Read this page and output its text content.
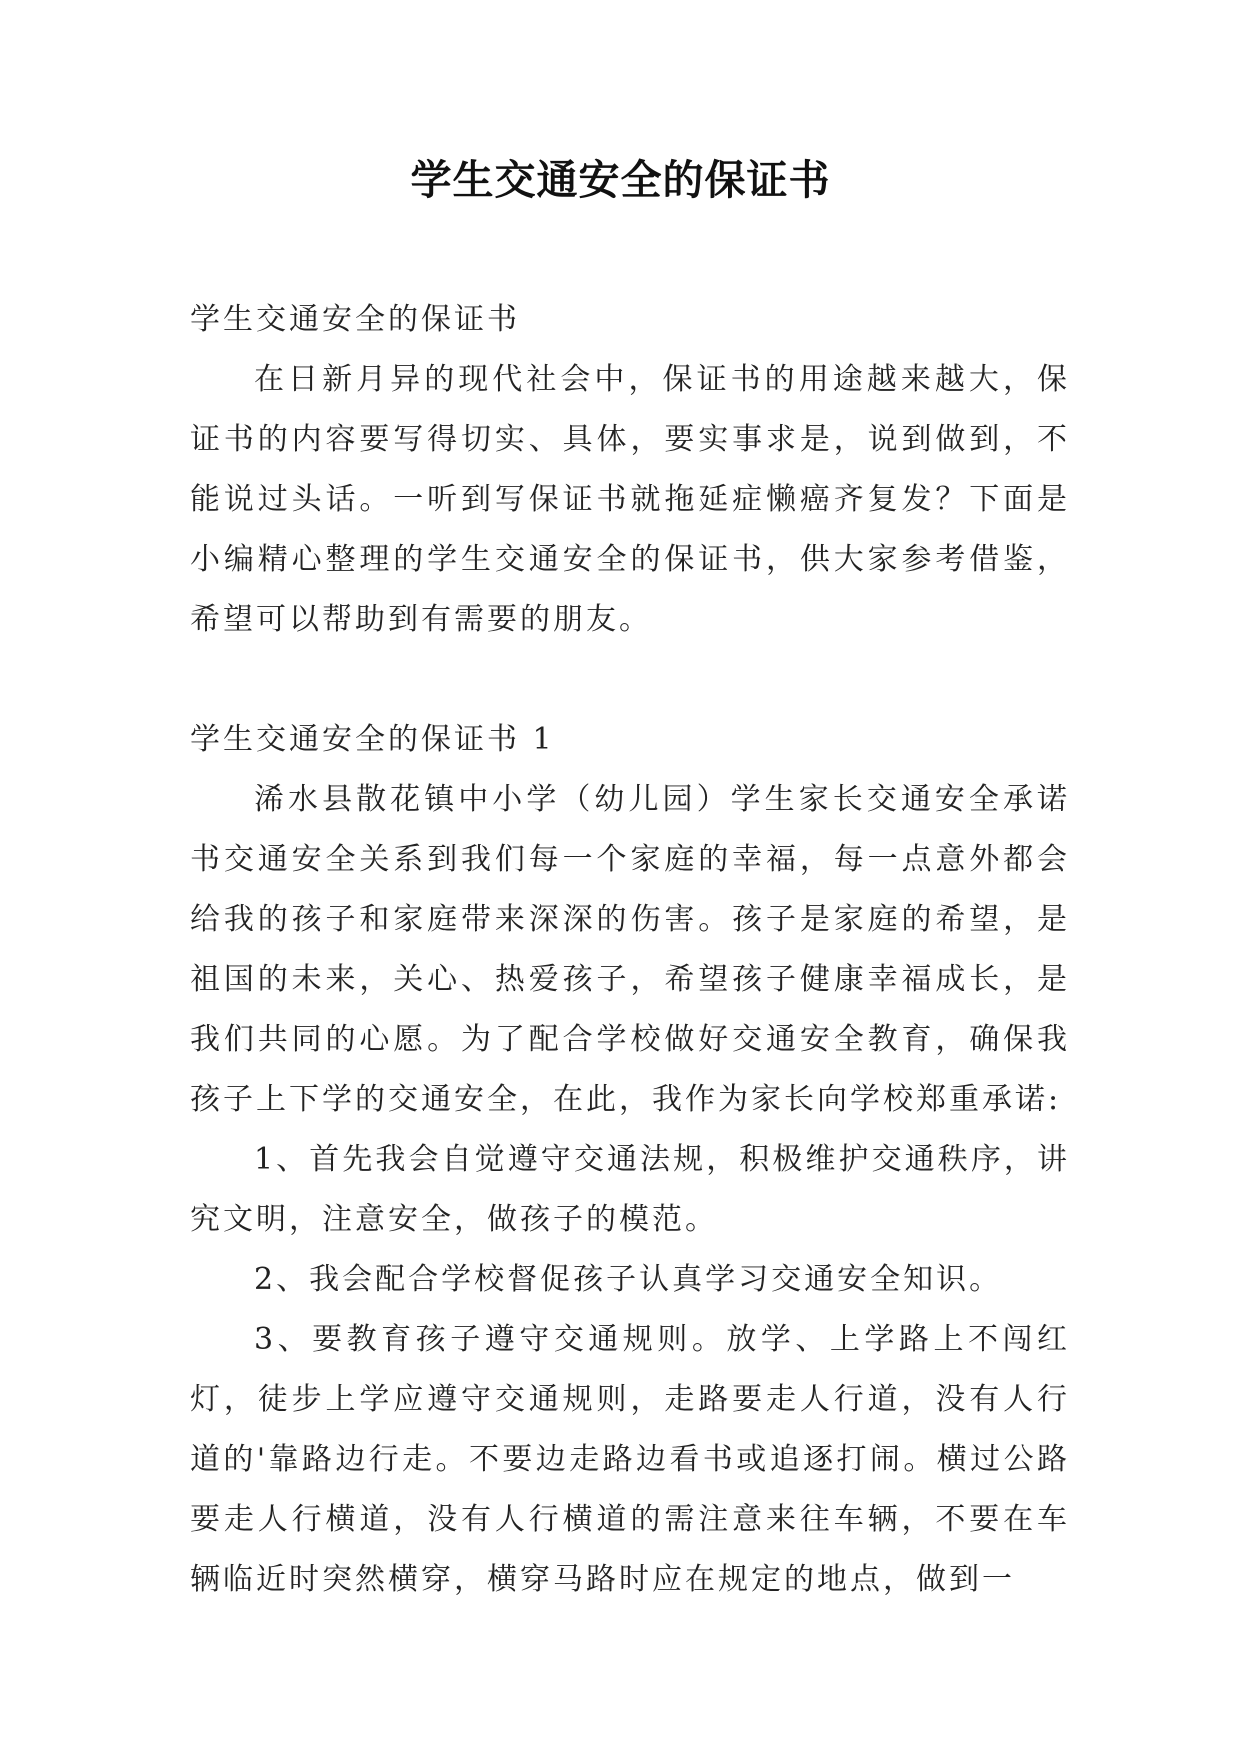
学生交通安全的保证书

学生交通安全的保证书

在日新月异的现代社会中，保证书的用途越来越大，保证书的内容要写得切实、具体，要实事求是，说到做到，不能说过头话。一听到写保证书就拖延症懒癌齐复发？下面是小编精心整理的学生交通安全的保证书，供大家参考借鉴，希望可以帮助到有需要的朋友。

学生交通安全的保证书 1

浠水县散花镇中小学（幼儿园）学生家长交通安全承诺书交通安全关系到我们每一个家庭的幸福，每一点意外都会给我的孩子和家庭带来深深的伤害。孩子是家庭的希望，是祖国的未来，关心、热爱孩子，希望孩子健康幸福成长，是我们共同的心愿。为了配合学校做好交通安全教育，确保我孩子上下学的交通安全，在此，我作为家长向学校郑重承诺:

1、首先我会自觉遵守交通法规，积极维护交通秩序，讲究文明，注意安全，做孩子的模范。

2、我会配合学校督促孩子认真学习交通安全知识。

3、要教育孩子遵守交通规则。放学、上学路上不闯红灯，徒步上学应遵守交通规则，走路要走人行道，没有人行道的'靠路边行走。不要边走路边看书或追逐打闹。横过公路要走人行横道，没有人行横道的需注意来往车辆，不要在车辆临近时突然横穿，横穿马路时应在规定的地点，做到一
